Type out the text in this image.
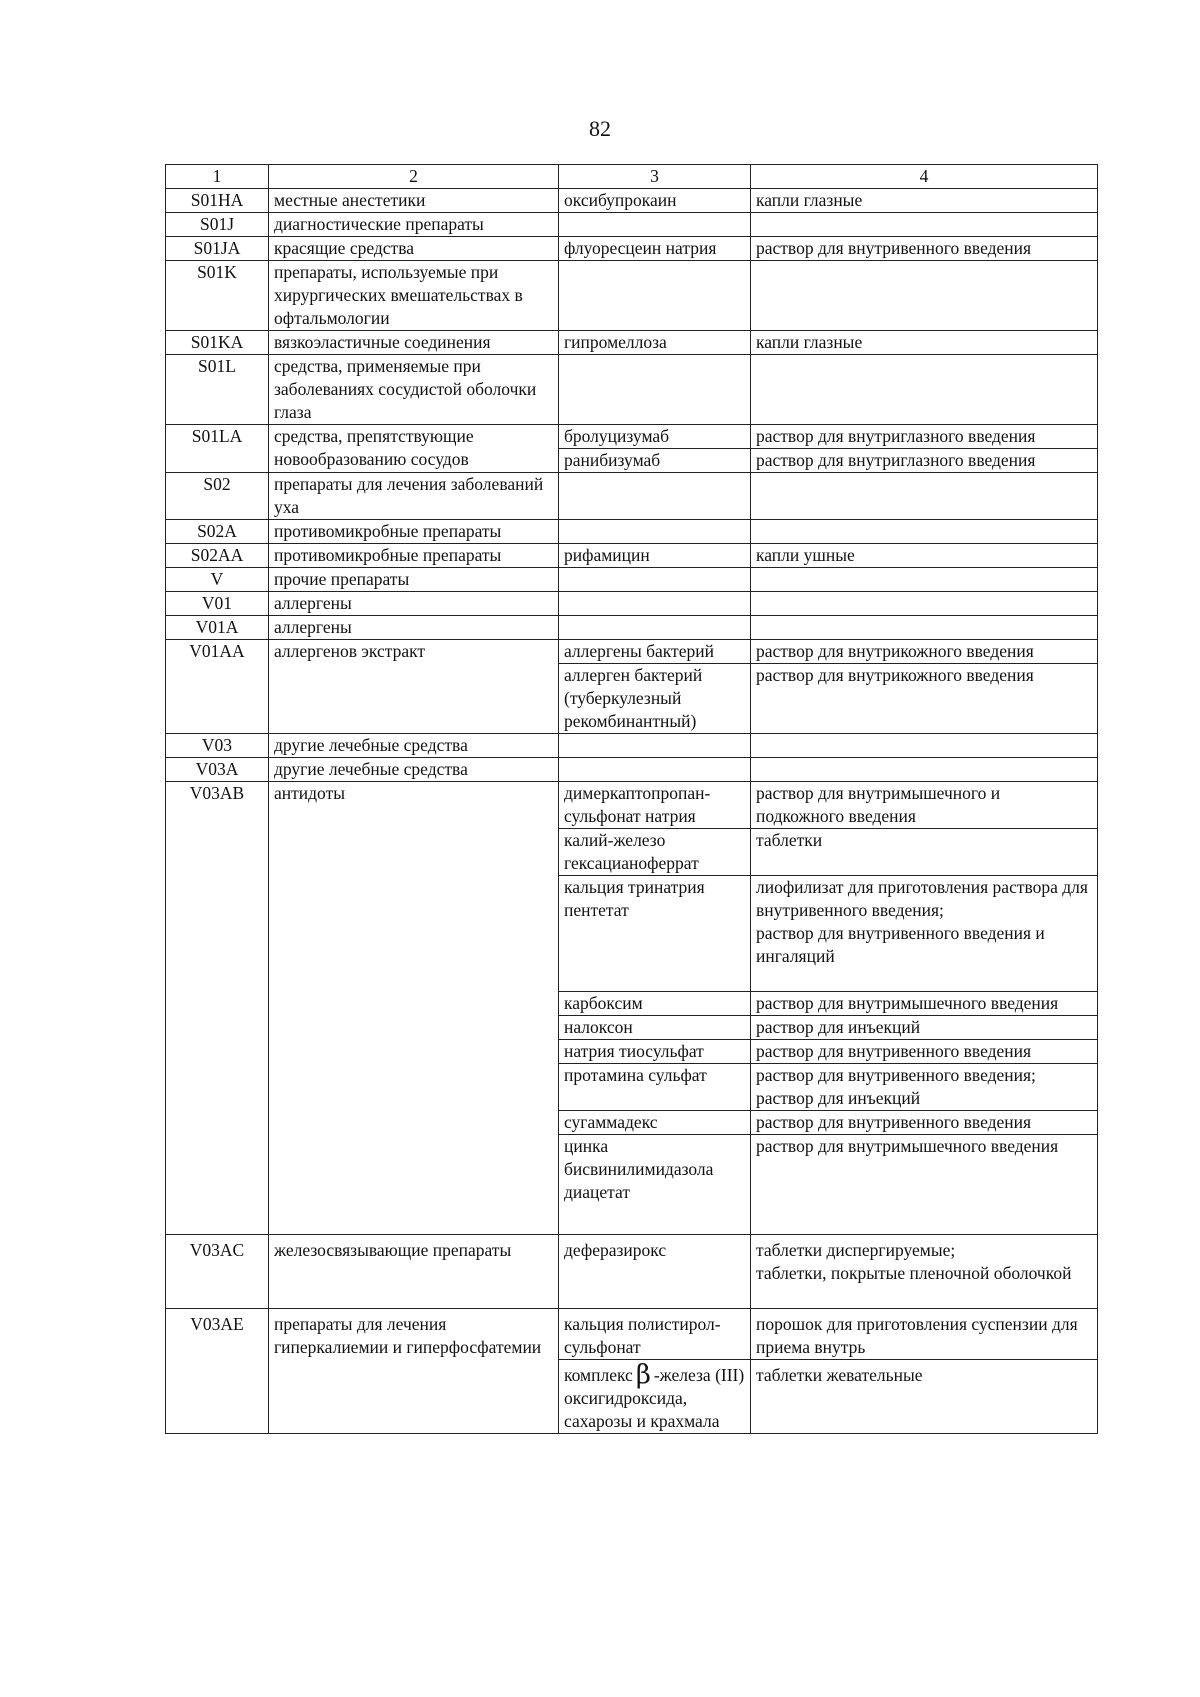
82
1	2	3	4
S01HA	местные анестетики	оксибупрокаин	капли глазные
S01J	диагностические препараты		
S01JA	красящие средства	флуоресцеин натрия	раствор для внутривенного введения
S01K	препараты, используемые при хирургических вмешательствах в офтальмологии		
S01KA	вязкоэластичные соединения	гипромеллоза	капли глазные
S01L	средства, применяемые при заболеваниях сосудистой оболочки глаза		
S01LA	средства, препятствующие новообразованию сосудов	бролуцизумаб	раствор для внутриглазного введения
		ранибизумаб	раствор для внутриглазного введения
S02	препараты для лечения заболеваний уха		
S02A	противомикробные препараты		
S02AA	противомикробные препараты	рифамицин	капли ушные
V	прочие препараты		
V01	аллергены		
V01A	аллергены		
V01AA	аллергенов экстракт	аллергены бактерий	раствор для внутрикожного введения
		аллерген бактерий (туберкулезный рекомбинантный)	раствор для внутрикожного введения
V03	другие лечебные средства		
V03A	другие лечебные средства		
V03AB	антидоты	димеркаптопропан-сульфонат натрия	раствор для внутримышечного и подкожного введения
		калий-железо гексацианоферрат	таблетки
		кальция тринатрия пентетат	лиофилизат для приготовления раствора для внутривенного введения;
раствор для внутривенного введения и ингаляций
		карбоксим	раствор для внутримышечного введения
		налоксон	раствор для инъекций
		натрия тиосульфат	раствор для внутривенного введения
		протамина сульфат	раствор для внутривенного введения;
раствор для инъекций
		сугаммадекс	раствор для внутривенного введения
		цинка бисвинилимидазола диацетат	раствор для внутримышечного введения
V03AC	железосвязывающие препараты	деферазирокс	таблетки диспергируемые;
таблетки, покрытые пленочной оболочкой
V03AE	препараты для лечения гиперкалиемии и гиперфосфатемии	кальция полистирол-сульфонат	порошок для приготовления суспензии для приема внутрь
		комплекс β -железа (III) оксигидроксида, сахарозы и крахмала	таблетки жевательные
